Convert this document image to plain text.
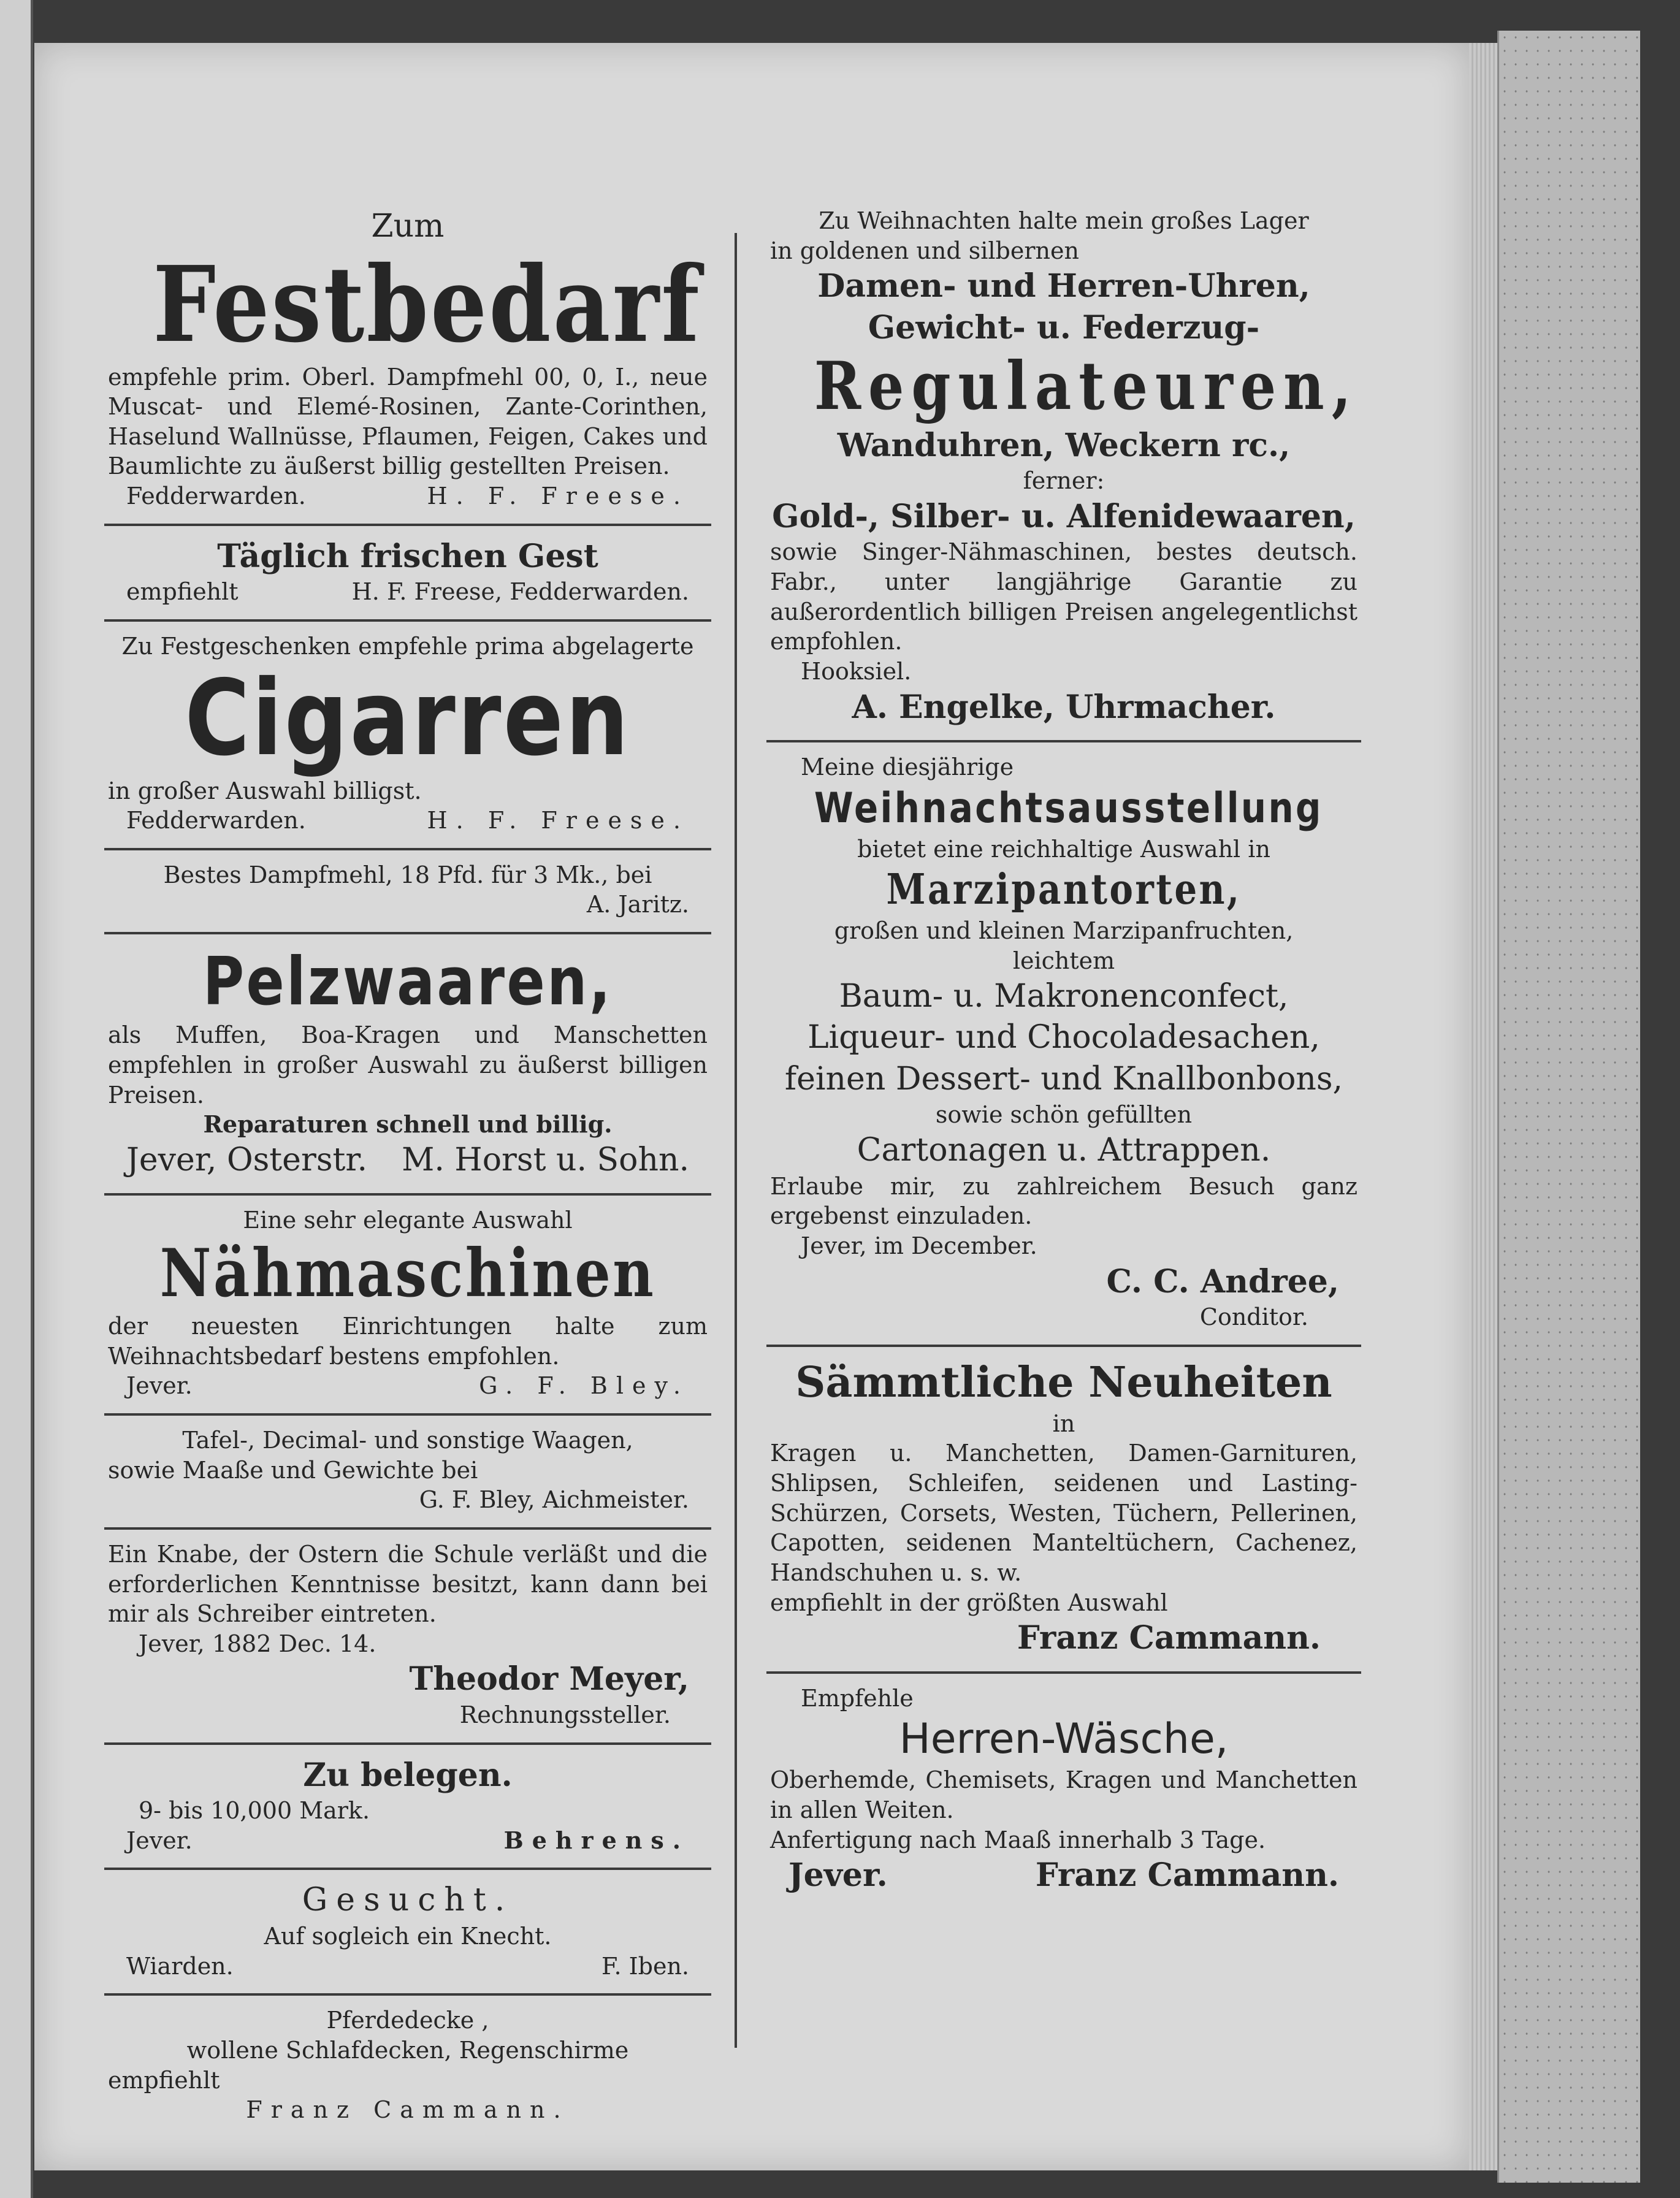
Zum
Festbedarf
empfehle prim. Oberl. Dampfmehl 00, 0, I., neue Muscat- und Elemé-Rosinen, Zante-Corinthen, Haselund Wallnüsse, Pflaumen, Feigen, Cakes und Baumlichte zu äußerst billig gestellten Preisen.
Fedderwarden.	H. F. Freese.
Täglich frischen Gest
empfiehlt	H. F. Freese, Fedderwarden.
Zu Festgeschenken empfehle prima abgelagerte
Cigarren
in großer Auswahl billigst.
Fedderwarden.	H. F. Freese.
Bestes Dampfmehl, 18 Pfd. für 3 Mk., bei
A. Jaritz.
Pelzwaaren,
als Muffen, Boa-Kragen und Manschetten empfehlen in großer Auswahl zu äußerst billigen Preisen.
Reparaturen schnell und billig.
Jever, Osterstr. M. Horst u. Sohn.
Eine sehr elegante Auswahl
Nähmaschinen
der neuesten Einrichtungen halte zum Weihnachtsbedarf bestens empfohlen.
Jever.	G. F. Bley.
Tafel-, Decimal- und sonstige Waagen,
sowie Maaße und Gewichte bei
G. F. Bley, Aichmeister.
Ein Knabe, der Ostern die Schule verläßt und die erforderlichen Kenntnisse besitzt, kann dann bei mir als Schreiber eintreten.
Jever, 1882 Dec. 14.
Theodor Meyer,
Rechnungssteller.
Zu belegen.
9- bis 10,000 Mark.
Jever.	Behrens.
Gesucht.
Auf sogleich ein Knecht.
Wiarden.	F. Iben.
Pferdedecke ,
wollene Schlafdecken, Regenschirme
empfiehlt
Franz Cammann.
Zu Weihnachten halte mein großes Lager
in goldenen und silbernen
Damen- und Herren-Uhren,
Gewicht- u. Federzug-
Regulateuren,
Wanduhren, Weckern rc.,
ferner:
Gold-, Silber- u. Alfenidewaaren,
sowie Singer-Nähmaschinen, bestes deutsch. Fabr., unter langjährige Garantie zu außerordentlich billigen Preisen angelegentlichst empfohlen.
Hooksiel.
A. Engelke, Uhrmacher.
Meine diesjährige
Weihnachtsausstellung
bietet eine reichhaltige Auswahl in
Marzipantorten,
großen und kleinen Marzipanfruchten,
leichtem
Baum- u. Makronenconfect,
Liqueur- und Chocoladesachen,
feinen Dessert- und Knallbonbons,
sowie schön gefüllten
Cartonagen u. Attrappen.
Erlaube mir, zu zahlreichem Besuch ganz ergebenst einzuladen.
Jever, im December.
C. C. Andree,
Conditor.
Sämmtliche Neuheiten
in
Kragen u. Manchetten, Damen-Garnituren, Shlipsen, Schleifen, seidenen und Lasting-Schürzen, Corsets, Westen, Tüchern, Pellerinen, Capotten, seidenen Manteltüchern, Cachenez, Handschuhen u. s. w.
empfiehlt in der größten Auswahl
Franz Cammann.
Empfehle
Herren-Wäsche,
Oberhemde, Chemisets, Kragen und Manchetten in allen Weiten.
Anfertigung nach Maaß innerhalb 3 Tage.
Jever.	Franz Cammann.
